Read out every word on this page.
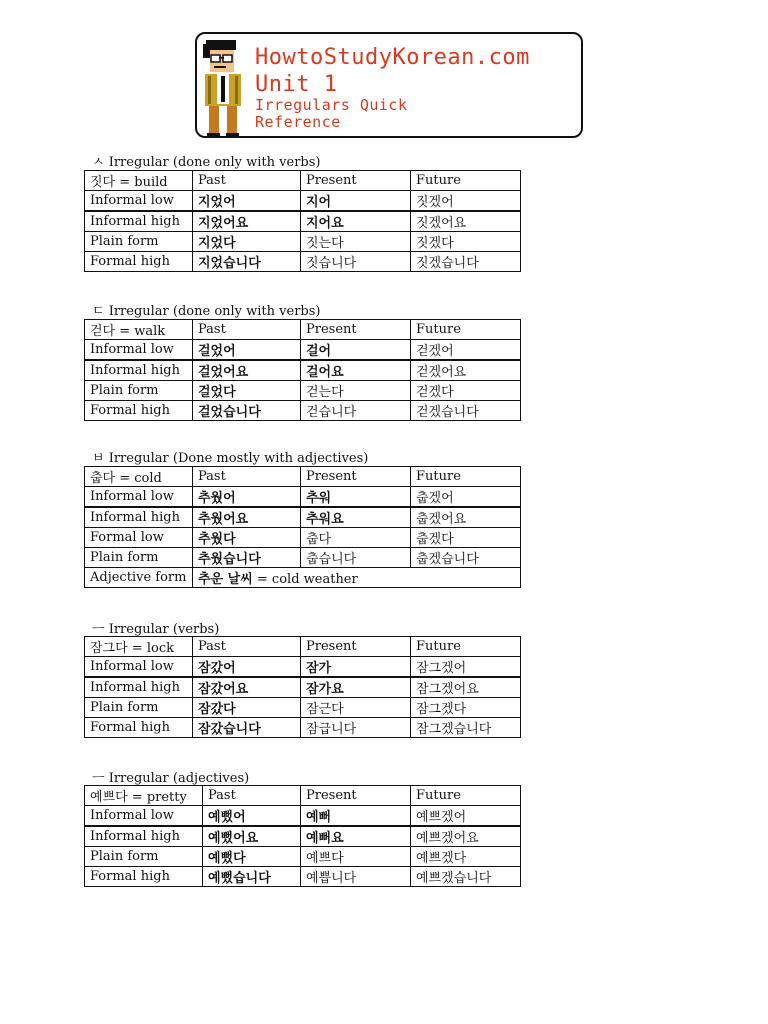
HowtoStudyKorean.com
Unit 1
Irregulars Quick
Reference
ㅅ Irregular (done only with verbs)
짓다 = build	Past	Present	Future
Informal low	지었어	지어	짓겠어
Informal high	지었어요	지어요	짓겠어요
Plain form	지었다	짓는다	짓겠다
Formal high	지었습니다	짓습니다	짓겠습니다
ㄷ Irregular (done only with verbs)
걷다 = walk	Past	Present	Future
Informal low	걸었어	걸어	걷겠어
Informal high	걸었어요	걸어요	걷겠어요
Plain form	걸었다	걷는다	걷겠다
Formal high	걸었습니다	걷습니다	걷겠습니다
ㅂ Irregular (Done mostly with adjectives)
춥다 = cold	Past	Present	Future
Informal low	추웠어	추워	춥겠어
Informal high	추웠어요	추워요	춥겠어요
Formal low	추웠다	춥다	춥겠다
Plain form	추웠습니다	춥습니다	춥겠습니다
Adjective form	추운 날씨 = cold weather		
ㅡ Irregular (verbs)
잠그다 = lock	Past	Present	Future
Informal low	잠갔어	잠가	잠그겠어
Informal high	잠갔어요	잠가요	잠그겠어요
Plain form	잠갔다	잠근다	잠그겠다
Formal high	잠갔습니다	잠급니다	잠그겠습니다
ㅡ Irregular (adjectives)
예쁘다 = pretty	Past	Present	Future
Informal low	예뻤어	예뻐	예쁘겠어
Informal high	예뻤어요	예뻐요	예쁘겠어요
Plain form	예뻤다	예쁘다	예쁘겠다
Formal high	예뻤습니다	예쁩니다	예쁘겠습니다
